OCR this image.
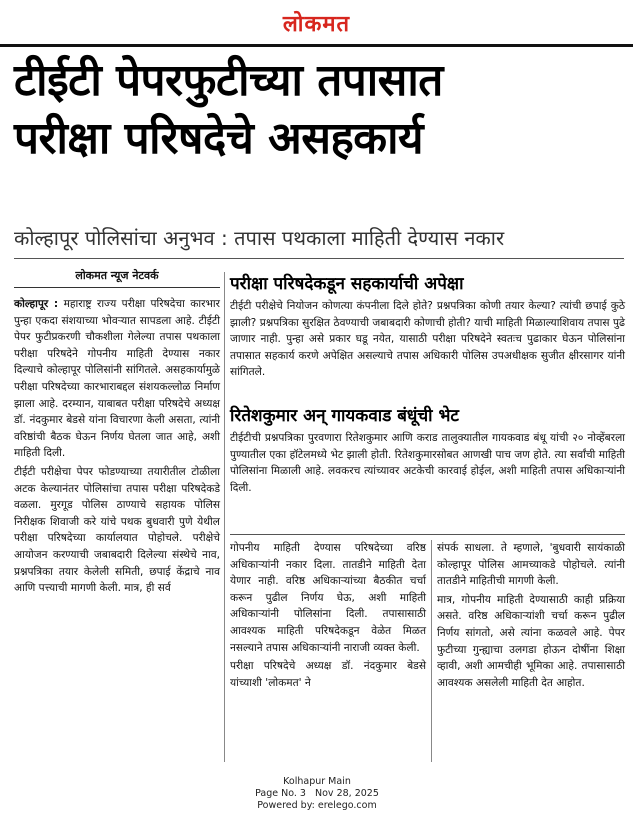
लोकमत
टीईटी पेपरफुटीच्या तपासात
परीक्षा परिषदेचे असहकार्य
कोल्हापूर पोलिसांचा अनुभव : तपास पथकाला माहिती देण्यास नकार
लोकमत न्यूज नेटवर्क

कोल्हापूर : महाराष्ट्र राज्य परीक्षा परिषदेचा कारभार पुन्हा एकदा संशयाच्या भोवऱ्यात सापडला आहे. टीईटी पेपर फुटीप्रकरणी चौकशीला गेलेल्या तपास पथकाला परीक्षा परिषदेने गोपनीय माहिती देण्यास नकार दिल्याचे कोल्हापूर पोलिसांनी सांगितले. असहकार्यामुळे परीक्षा परिषदेच्या कारभाराबद्दल संशयकल्लोळ निर्माण झाला आहे. दरम्यान, याबाबत परीक्षा परिषदेचे अध्यक्ष डॉ. नंदकुमार बेडसे यांना विचारणा केली असता, त्यांनी वरिष्ठांची बैठक घेऊन निर्णय घेतला जात आहे, अशी माहिती दिली.

टीईटी परीक्षेचा पेपर फोडण्याच्या तयारीतील टोळीला अटक केल्यानंतर पोलिसांचा तपास परीक्षा परिषदेकडे वळला. मुरगूड पोलिस ठाण्याचे सहायक पोलिस निरीक्षक शिवाजी करे यांचे पथक बुधवारी पुणे येथील परीक्षा परिषदेच्या कार्यालयात पोहोचले. परीक्षेचे आयोजन करण्याची जबाबदारी दिलेल्या संस्थेचे नाव, प्रश्नपत्रिका तयार केलेली समिती, छपाई केंद्राचे नाव आणि पत्त्याची मागणी केली. मात्र, ही सर्व

परीक्षा परिषदेकडून सहकार्याची अपेक्षा
टीईटी परीक्षेचे नियोजन कोणत्या कंपनीला दिले होते? प्रश्नपत्रिका कोणी तयार केल्या? त्यांची छपाई कुठे झाली? प्रश्नपत्रिका सुरक्षित ठेवण्याची जबाबदारी कोणाची होती? याची माहिती मिळाल्याशिवाय तपास पुढे जाणार नाही. पुन्हा असे प्रकार घडू नयेत, यासाठी परीक्षा परिषदेने स्वतःच पुढाकार घेऊन पोलिसांना तपासात सहकार्य करणे अपेक्षित असल्याचे तपास अधिकारी पोलिस उपअधीक्षक सुजीत क्षीरसागर यांनी सांगितले.
रितेशकुमार अन् गायकवाड बंधूंची भेट
टीईटीची प्रश्नपत्रिका पुरवणारा रितेशकुमार आणि कराड तालुक्यातील गायकवाड बंधू यांची २० नोव्हेंबरला पुण्यातील एका हॉटेलमध्ये भेट झाली होती. रितेशकुमारसोबत आणखी पाच जण होते. त्या सर्वांची माहिती पोलिसांना मिळाली आहे. लवकरच त्यांच्यावर अटकेची कारवाई होईल, अशी माहिती तपास अधिकाऱ्यांनी दिली.

गोपनीय माहिती देण्यास परिषदेच्या वरिष्ठ अधिकाऱ्यांनी नकार दिला. तातडीने माहिती देता येणार नाही. वरिष्ठ अधिकाऱ्यांच्या बैठकीत चर्चा करून पुढील निर्णय घेऊ, अशी माहिती अधिकाऱ्यांनी पोलिसांना दिली. तपासासाठी आवश्यक माहिती परिषदेकडून वेळेत मिळत नसल्याने तपास अधिकाऱ्यांनी नाराजी व्यक्त केली.

परीक्षा परिषदेचे अध्यक्ष डॉ. नंदकुमार बेडसे यांच्याशी 'लोकमत' ने

संपर्क साधला. ते म्हणाले, 'बुधवारी सायंकाळी कोल्हापूर पोलिस आमच्याकडे पोहोचले. त्यांनी तातडीने माहितीची मागणी केली.

मात्र, गोपनीय माहिती देण्यासाठी काही प्रक्रिया असते. वरिष्ठ अधिकाऱ्यांशी चर्चा करून पुढील निर्णय सांगतो, असे त्यांना कळवले आहे. पेपर फुटीच्या गुन्ह्याचा उलगडा होऊन दोषींना शिक्षा व्हावी, अशी आमचीही भूमिका आहे. तपासासाठी आवश्यक असलेली माहिती देत आहोत.

Kolhapur Main
Page No. 3 Nov 28, 2025
Powered by: erelego.com
